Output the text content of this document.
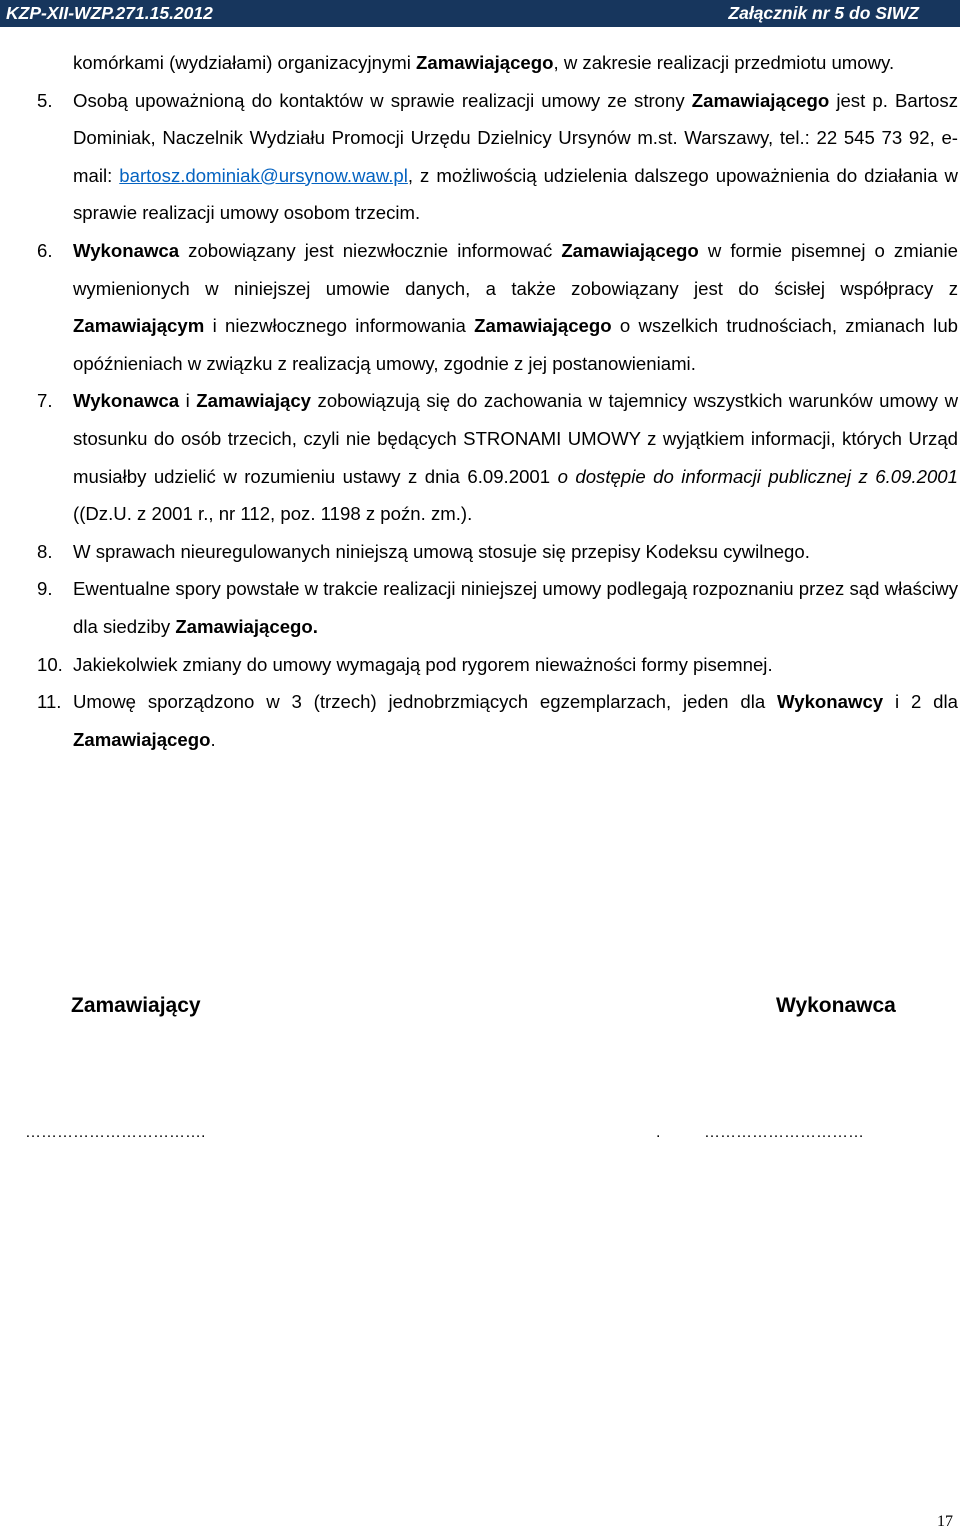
KZP-XII-WZP.271.15.2012	Załącznik nr 5 do SIWZ
komórkami (wydziałami) organizacyjnymi Zamawiającego, w zakresie realizacji przedmiotu umowy.
5. Osobą upoważnioną do kontaktów w sprawie realizacji umowy ze strony Zamawiającego jest p. Bartosz Dominiak, Naczelnik Wydziału Promocji Urzędu Dzielnicy Ursynów m.st. Warszawy, tel.: 22 545 73 92, e-mail: bartosz.dominiak@ursynow.waw.pl, z możliwością udzielenia dalszego upoważnienia do działania w sprawie realizacji umowy osobom trzecim.
6. Wykonawca zobowiązany jest niezwłocznie informować Zamawiającego w formie pisemnej o zmianie wymienionych w niniejszej umowie danych, a także zobowiązany jest do ścisłej współpracy z Zamawiającym i niezwłocznego informowania Zamawiającego o wszelkich trudnościach, zmianach lub opóźnieniach w związku z realizacją umowy, zgodnie z jej postanowieniami.
7. Wykonawca i Zamawiający zobowiązują się do zachowania w tajemnicy wszystkich warunków umowy w stosunku do osób trzecich, czyli nie będących STRONAMI UMOWY z wyjątkiem informacji, których Urząd musiałby udzielić w rozumieniu ustawy z dnia 6.09.2001 o dostępie do informacji publicznej z 6.09.2001 ((Dz.U. z 2001 r., nr 112, poz. 1198 z poźn. zm.).
8. W sprawach nieuregulowanych niniejszą umową stosuje się przepisy Kodeksu cywilnego.
9. Ewentualne spory powstałe w trakcie realizacji niniejszej umowy podlegają rozpoznaniu przez sąd właściwy dla siedziby Zamawiającego.
10. Jakiekolwiek zmiany do umowy wymagają pod rygorem nieważności formy pisemnej.
11. Umowę sporządzono w 3 (trzech) jednobrzmiących egzemplarzach, jeden dla Wykonawcy i 2 dla Zamawiającego.
Zamawiający	Wykonawca
…………………………….	.	…………………………
17
